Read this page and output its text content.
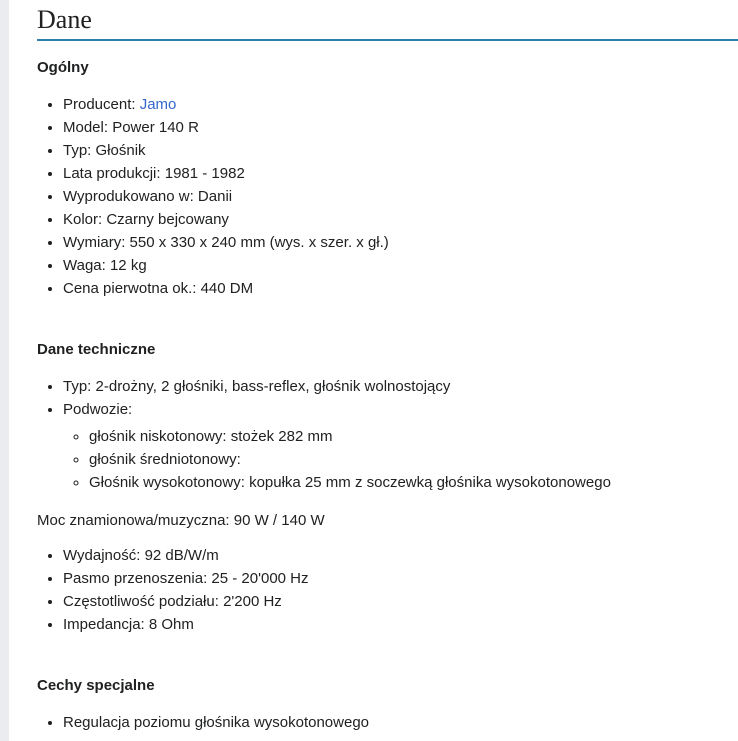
Dane
Ogólny
• Producent: Jamo
• Model: Power 140 R
• Typ: Głośnik
• Lata produkcji: 1981 - 1982
• Wyprodukowano w: Danii
• Kolor: Czarny bejcowany
• Wymiary: 550 x 330 x 240 mm (wys. x szer. x gł.)
• Waga: 12 kg
• Cena pierwotna ok.: 440 DM
Dane techniczne
• Typ: 2-drożny, 2 głośniki, bass-reflex, głośnik wolnostojący
• Podwozie:
◦ głośnik niskotonowy: stożek 282 mm
◦ głośnik średniotonowy:
◦ Głośnik wysokotonowy: kopułka 25 mm z soczewką głośnika wysokotonowego

Moc znamionowa/muzyczna: 90 W / 140 W

• Wydajność: 92 dB/W/m
• Pasmo przenoszenia: 25 - 20'000 Hz
• Częstotliwość podziału: 2'200 Hz
• Impedancja: 8 Ohm
Cechy specjalne
• Regulacja poziomu głośnika wysokotonowego
